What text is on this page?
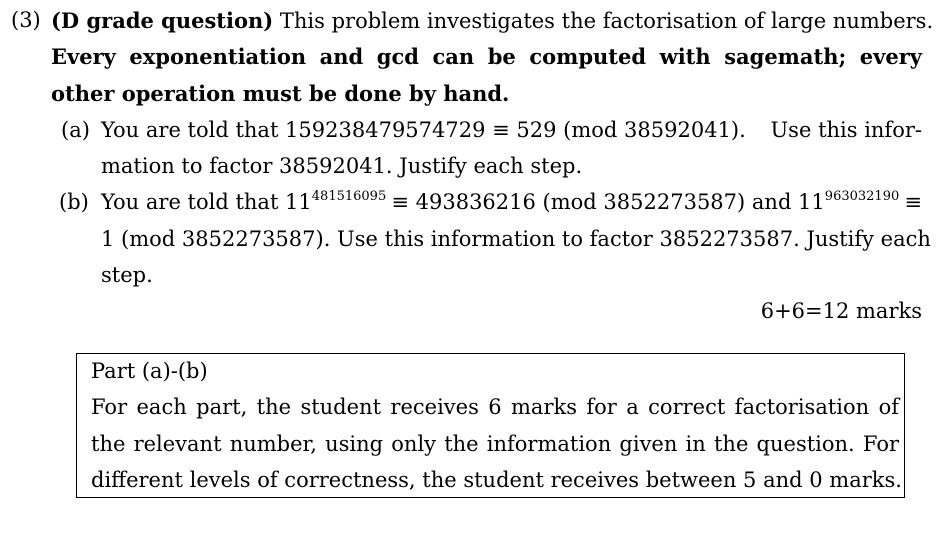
(3) (D grade question) This problem investigates the factorisation of large numbers.
Every exponentiation and gcd can be computed with sagemath; every
other operation must be done by hand.
(a) You are told that 159238479574729 ≡ 529 (mod 38592041). Use this infor-
mation to factor 38592041. Justify each step.
(b) You are told that $11^{481516095} \equiv 493836216$ (mod 3852273587) and $11^{963032190}$ ≡
1 (mod 3852273587). Use this information to factor 3852273587. Justify each
step.
6+6=12 marks
Part (a)-(b)
For each part, the student receives 6 marks for a correct factorisation of
the relevant number, using only the information given in the question. For
different levels of correctness, the student receives between 5 and 0 marks.
